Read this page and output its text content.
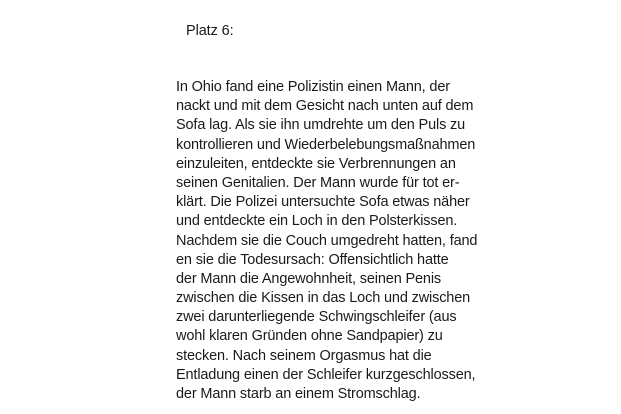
Platz 6:
In Ohio fand eine Polizistin einen Mann, der
nackt und mit dem Gesicht nach unten auf dem
Sofa lag. Als sie ihn umdrehte um den Puls zu
kontrollieren und Wiederbelebungsmaßnahmen
einzuleiten, entdeckte sie Verbrennungen an
seinen Genitalien. Der Mann wurde für tot er-
klärt. Die Polizei untersuchte Sofa etwas näher
und entdeckte ein Loch in den Polsterkissen.
Nachdem sie die Couch umgedreht hatten, fand
en sie die Todesursach: Offensichtlich hatte
der Mann die Angewohnheit, seinen Penis
zwischen die Kissen in das Loch und zwischen
zwei darunterliegende Schwingschleifer (aus
wohl klaren Gründen ohne Sandpapier) zu
stecken. Nach seinem Orgasmus hat die
Entladung einen der Schleifer kurzgeschlossen,
der Mann starb an einem Stromschlag.
